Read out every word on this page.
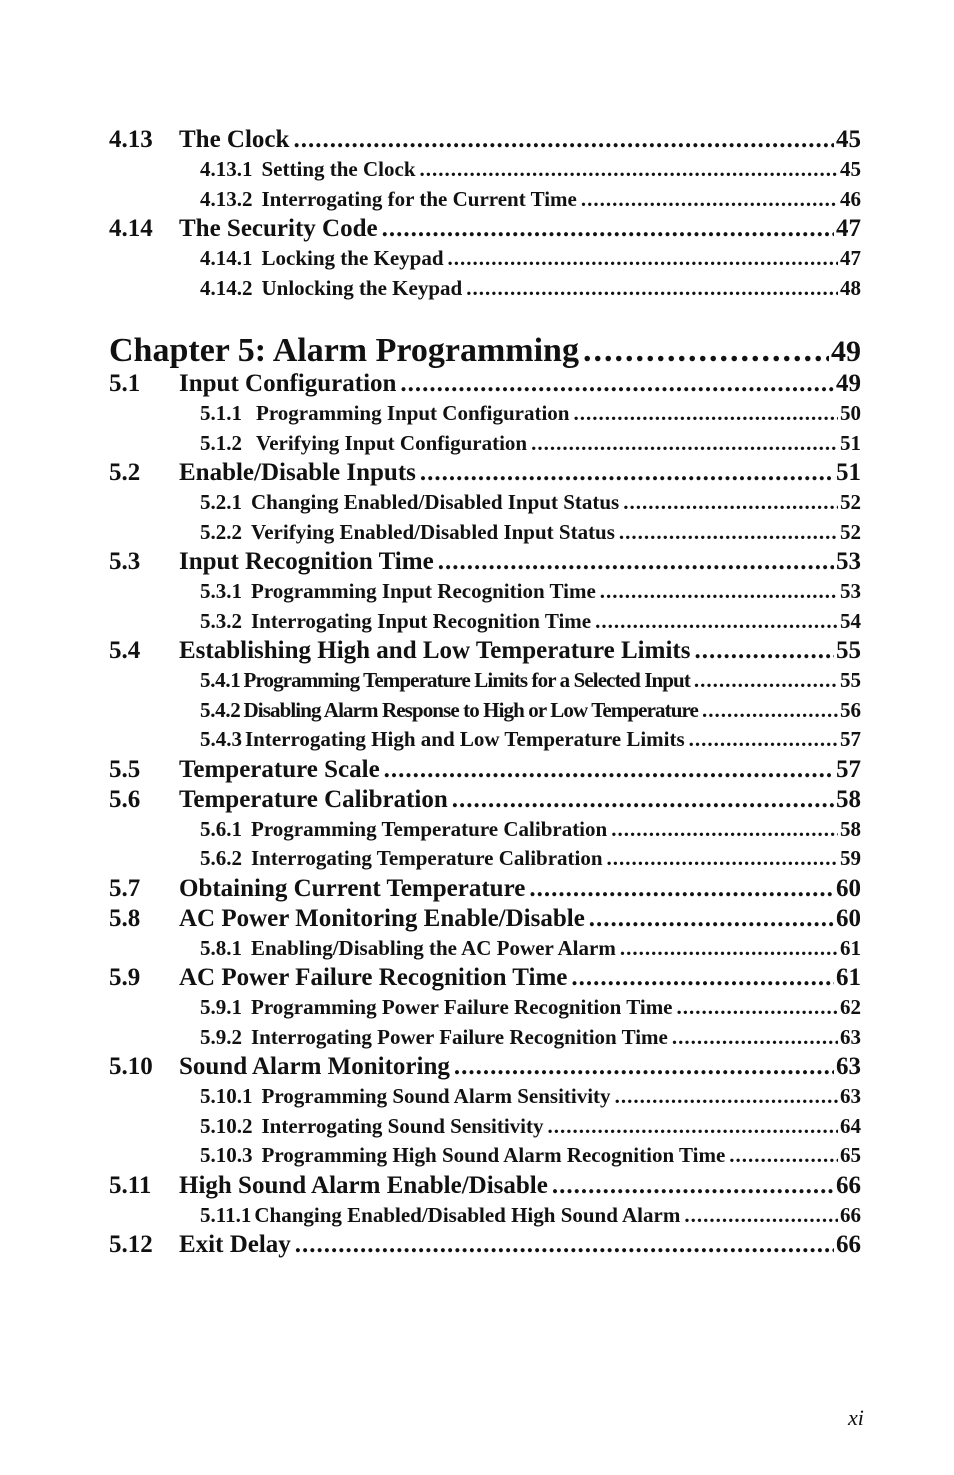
4.13	The Clock .....	45
4.13.1 Setting the Clock .....	45
4.13.2 Interrogating for the Current Time .....	46
4.14	The Security Code .....	47
4.14.1 Locking the Keypad .....	47
4.14.2 Unlocking the Keypad .....	48
Chapter 5: Alarm Programming .....	49
5.1	Input Configuration .....	49
5.1.1 Programming Input Configuration .....	50
5.1.2 Verifying Input Configuration .....	51
5.2	Enable/Disable Inputs .....	51
5.2.1 Changing Enabled/Disabled Input Status .....	52
5.2.2 Verifying Enabled/Disabled Input Status .....	52
5.3	Input Recognition Time .....	53
5.3.1 Programming Input Recognition Time .....	53
5.3.2 Interrogating Input Recognition Time .....	54
5.4	Establishing High and Low Temperature Limits .....	55
5.4.1 Programming Temperature Limits for a Selected Input .....	55
5.4.2 Disabling Alarm Response to High or Low Temperature .....	56
5.4.3 Interrogating High and Low Temperature Limits .....	57
5.5	Temperature Scale .....	57
5.6	Temperature Calibration .....	58
5.6.1 Programming Temperature Calibration .....	58
5.6.2 Interrogating Temperature Calibration .....	59
5.7	Obtaining Current Temperature .....	60
5.8	AC Power Monitoring Enable/Disable .....	60
5.8.1 Enabling/Disabling the AC Power Alarm .....	61
5.9	AC Power Failure Recognition Time .....	61
5.9.1 Programming Power Failure Recognition Time .....	62
5.9.2 Interrogating Power Failure Recognition Time .....	63
5.10	Sound Alarm Monitoring .....	63
5.10.1 Programming Sound Alarm Sensitivity .....	63
5.10.2 Interrogating Sound Sensitivity .....	64
5.10.3 Programming High Sound Alarm Recognition Time .....	65
5.11	High Sound Alarm Enable/Disable .....	66
5.11.1 Changing Enabled/Disabled High Sound Alarm .....	66
5.12	Exit Delay .....	66
xi
